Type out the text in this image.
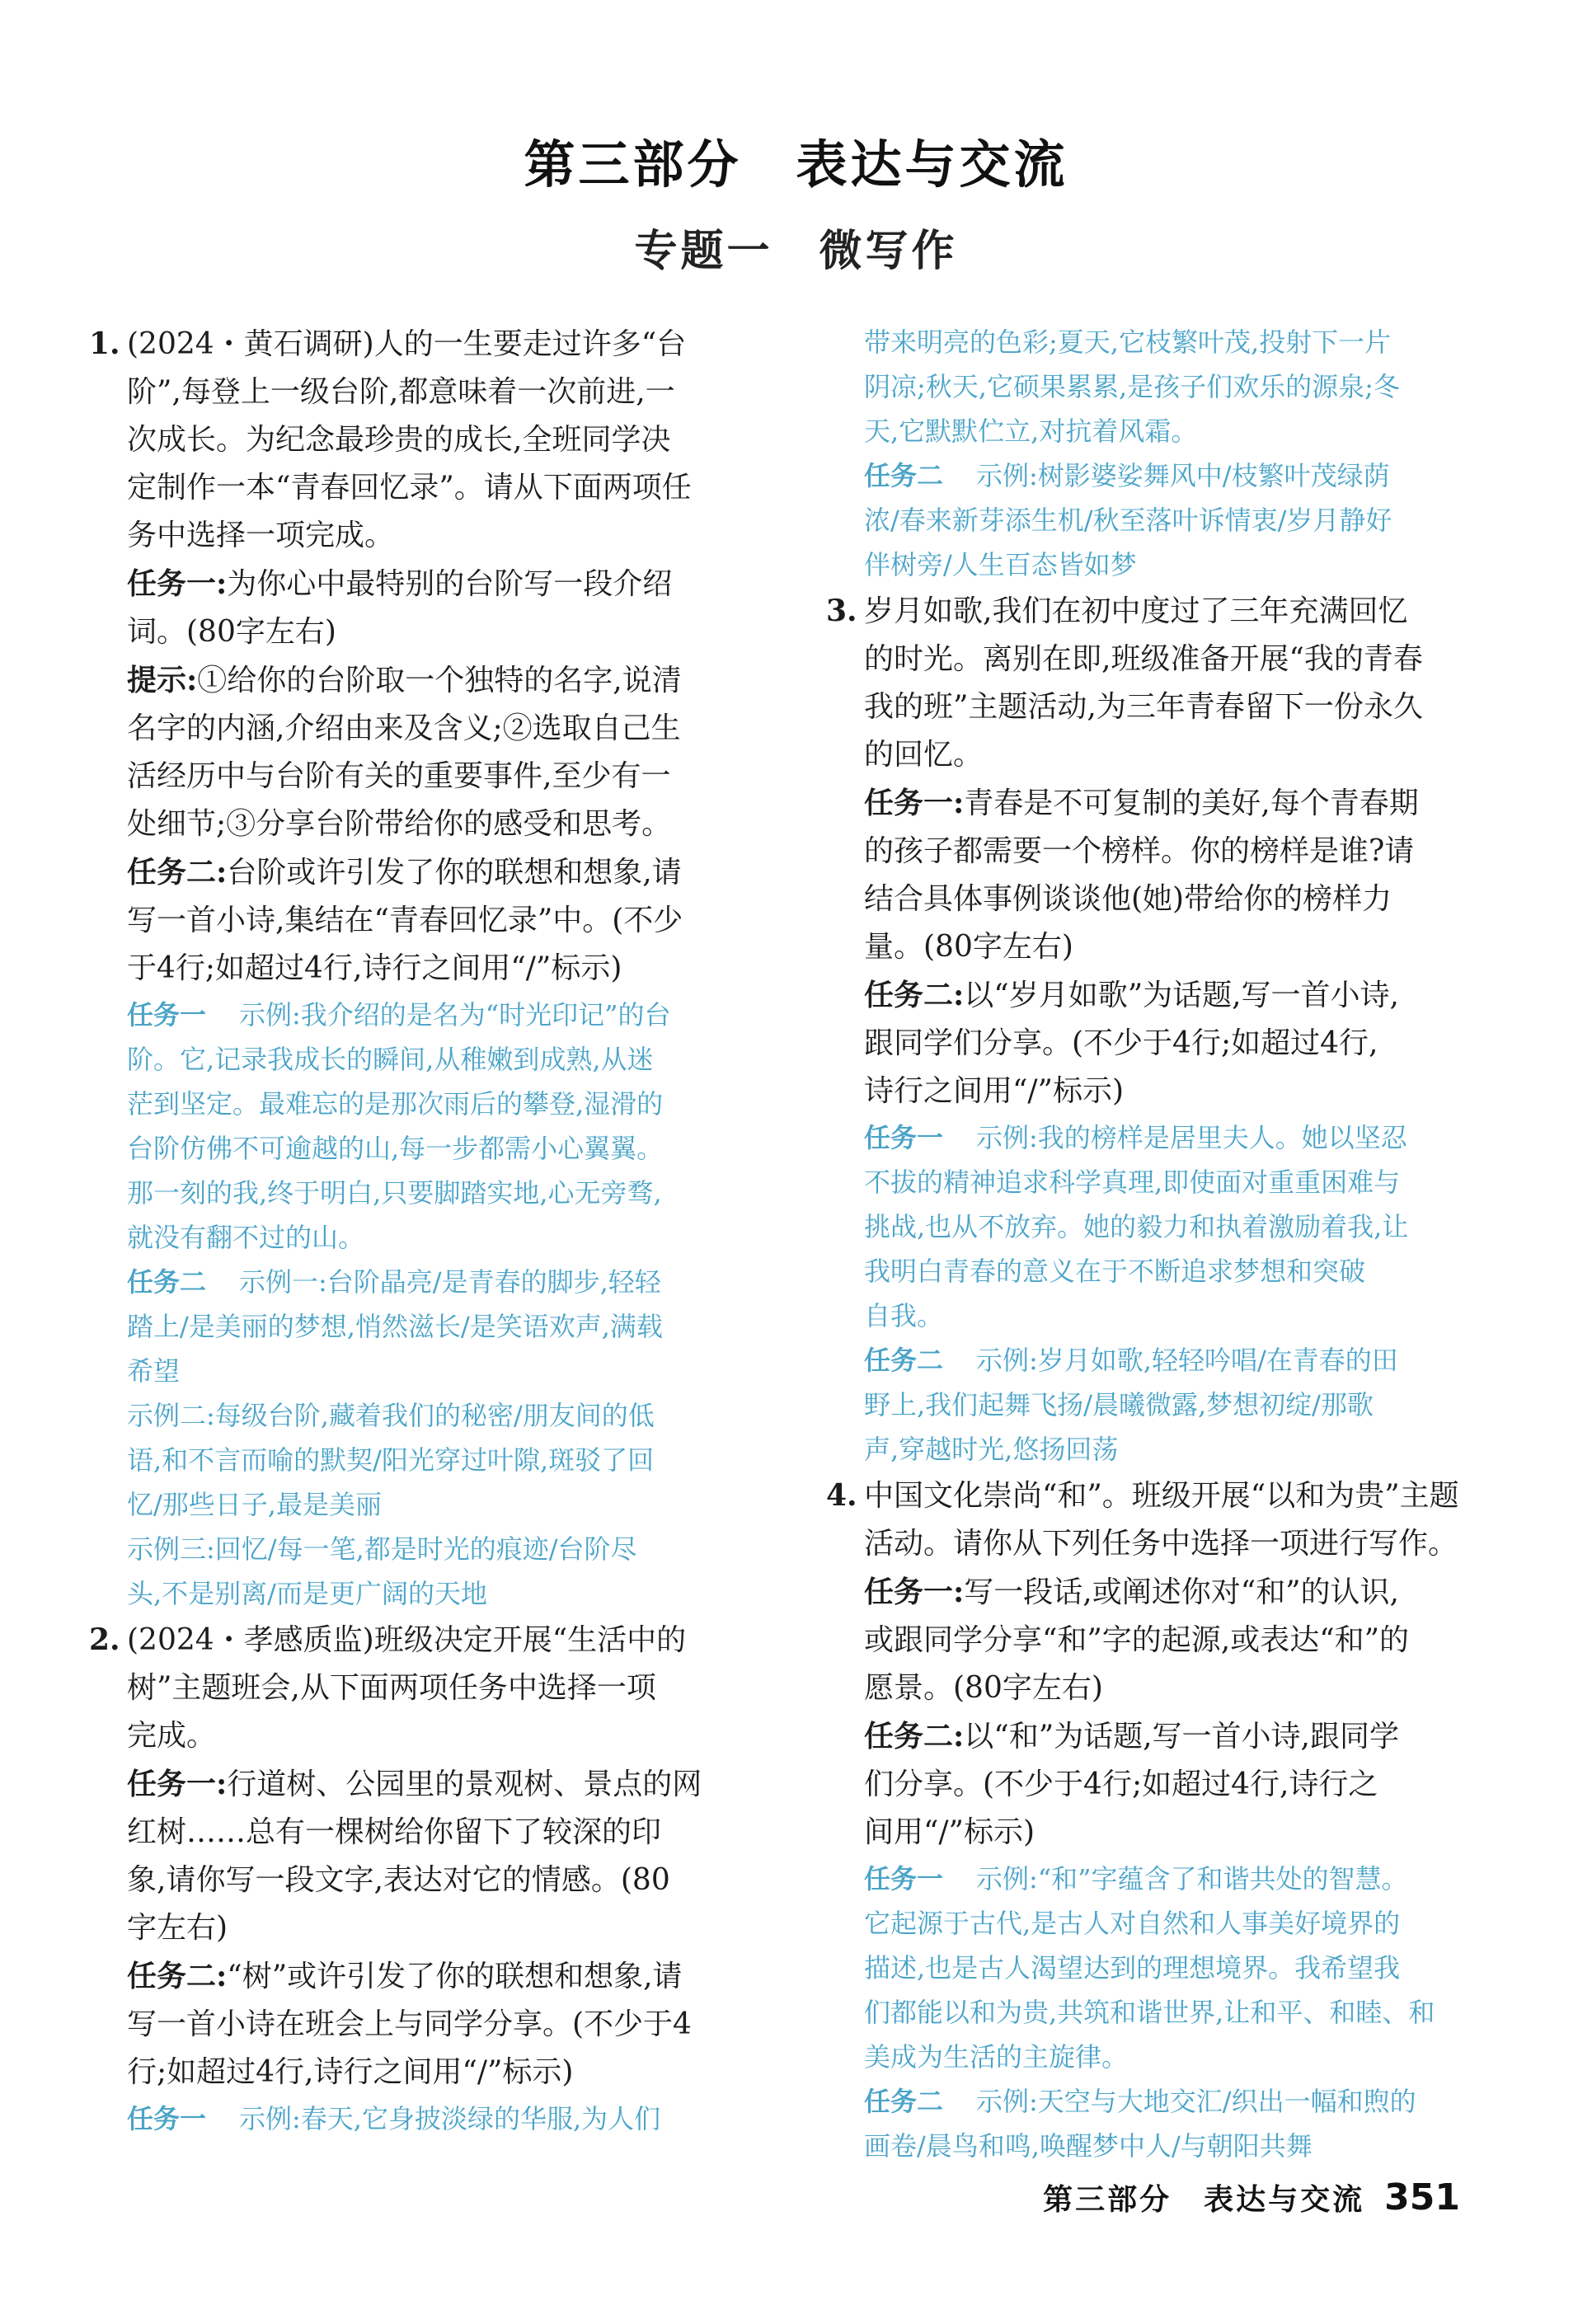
第三部分　表达与交流
专题一　微写作
1. (2024・黄石调研)人的一生要走过许多“台
阶”,每登上一级台阶,都意味着一次前进,一
次成长。为纪念最珍贵的成长,全班同学决
定制作一本“青春回忆录”。请从下面两项任
务中选择一项完成。
任务一:为你心中最特别的台阶写一段介绍
词。(80字左右)
提示:①给你的台阶取一个独特的名字,说清
名字的内涵,介绍由来及含义;②选取自己生
活经历中与台阶有关的重要事件,至少有一
处细节;③分享台阶带给你的感受和思考。
任务二:台阶或许引发了你的联想和想象,请
写一首小诗,集结在“青春回忆录”中。(不少
于4行;如超过4行,诗行之间用“/”标示)
任务一 示例:我介绍的是名为“时光印记”的台
阶。它,记录我成长的瞬间,从稚嫩到成熟,从迷
茫到坚定。最难忘的是那次雨后的攀登,湿滑的
台阶仿佛不可逾越的山,每一步都需小心翼翼。
那一刻的我,终于明白,只要脚踏实地,心无旁骛,
就没有翻不过的山。
任务二 示例一:台阶晶亮/是青春的脚步,轻轻
踏上/是美丽的梦想,悄然滋长/是笑语欢声,满载
希望
示例二:每级台阶,藏着我们的秘密/朋友间的低
语,和不言而喻的默契/阳光穿过叶隙,斑驳了回
忆/那些日子,最是美丽
示例三:回忆/每一笔,都是时光的痕迹/台阶尽
头,不是别离/而是更广阔的天地
2. (2024・孝感质监)班级决定开展“生活中的
树”主题班会,从下面两项任务中选择一项
完成。
任务一:行道树、公园里的景观树、景点的网
红树……总有一棵树给你留下了较深的印
象,请你写一段文字,表达对它的情感。(80
字左右)
任务二:“树”或许引发了你的联想和想象,请
写一首小诗在班会上与同学分享。(不少于4
行;如超过4行,诗行之间用“/”标示)
任务一 示例:春天,它身披淡绿的华服,为人们
带来明亮的色彩;夏天,它枝繁叶茂,投射下一片
阴凉;秋天,它硕果累累,是孩子们欢乐的源泉;冬
天,它默默伫立,对抗着风霜。
任务二 示例:树影婆娑舞风中/枝繁叶茂绿荫
浓/春来新芽添生机/秋至落叶诉情衷/岁月静好
伴树旁/人生百态皆如梦
3. 岁月如歌,我们在初中度过了三年充满回忆
的时光。离别在即,班级准备开展“我的青春
我的班”主题活动,为三年青春留下一份永久
的回忆。
任务一:青春是不可复制的美好,每个青春期
的孩子都需要一个榜样。你的榜样是谁?请
结合具体事例谈谈他(她)带给你的榜样力
量。(80字左右)
任务二:以“岁月如歌”为话题,写一首小诗,
跟同学们分享。(不少于4行;如超过4行,
诗行之间用“/”标示)
任务一 示例:我的榜样是居里夫人。她以坚忍
不拔的精神追求科学真理,即使面对重重困难与
挑战,也从不放弃。她的毅力和执着激励着我,让
我明白青春的意义在于不断追求梦想和突破
自我。
任务二 示例:岁月如歌,轻轻吟唱/在青春的田
野上,我们起舞飞扬/晨曦微露,梦想初绽/那歌
声,穿越时光,悠扬回荡
4. 中国文化崇尚“和”。班级开展“以和为贵”主题
活动。请你从下列任务中选择一项进行写作。
任务一:写一段话,或阐述你对“和”的认识,
或跟同学分享“和”字的起源,或表达“和”的
愿景。(80字左右)
任务二:以“和”为话题,写一首小诗,跟同学
们分享。(不少于4行;如超过4行,诗行之
间用“/”标示)
任务一 示例:“和”字蕴含了和谐共处的智慧。
它起源于古代,是古人对自然和人事美好境界的
描述,也是古人渴望达到的理想境界。我希望我
们都能以和为贵,共筑和谐世界,让和平、和睦、和
美成为生活的主旋律。
任务二 示例:天空与大地交汇/织出一幅和煦的
画卷/晨鸟和鸣,唤醒梦中人/与朝阳共舞
第三部分　表达与交流 351
